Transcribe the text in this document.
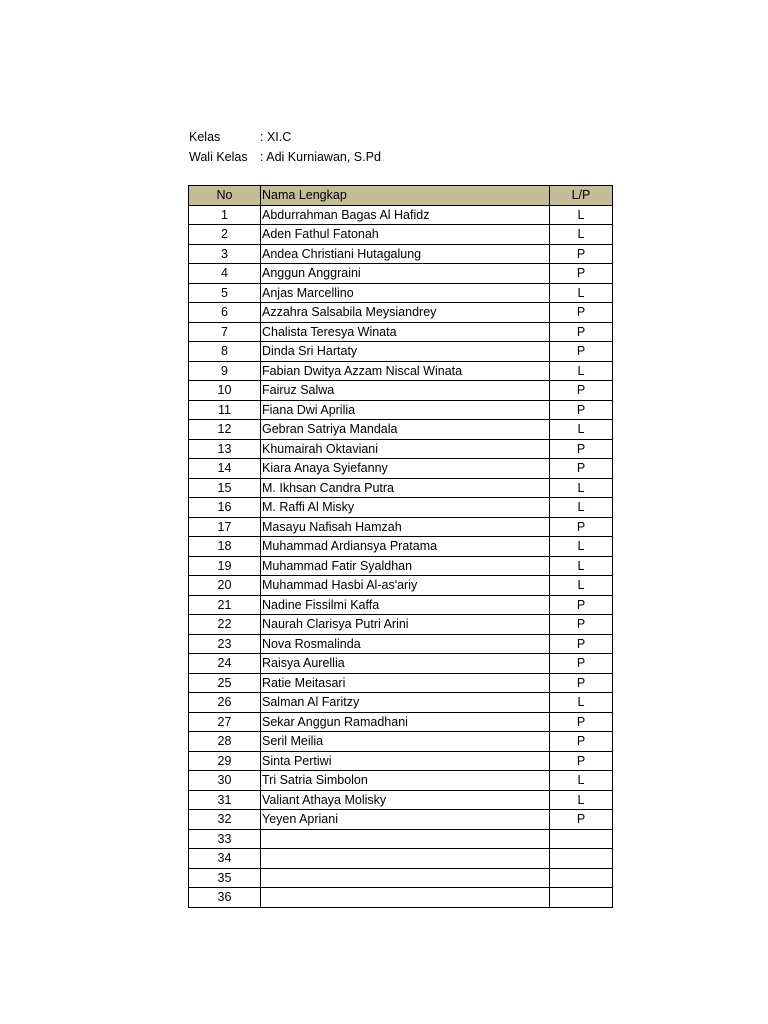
Kelas	: XI.C
Wali Kelas : Adi Kurniawan, S.Pd
No	Nama Lengkap	L/P
1	Abdurrahman Bagas Al Hafidz	L
2	Aden Fathul Fatonah	L
3	Andea Christiani Hutagalung	P
4	Anggun Anggraini	P
5	Anjas Marcellino	L
6	Azzahra Salsabila Meysiandrey	P
7	Chalista Teresya Winata	P
8	Dinda Sri Hartaty	P
9	Fabian Dwitya Azzam Niscal Winata	L
10	Fairuz Salwa	P
11	Fiana Dwi Aprilia	P
12	Gebran Satriya Mandala	L
13	Khumairah Oktaviani	P
14	Kiara Anaya Syiefanny	P
15	M. Ikhsan Candra Putra	L
16	M. Raffi Al Misky	L
17	Masayu Nafisah Hamzah	P
18	Muhammad Ardiansya Pratama	L
19	Muhammad Fatir Syaldhan	L
20	Muhammad Hasbi Al-as'ariy	L
21	Nadine Fissilmi Kaffa	P
22	Naurah Clarisya Putri Arini	P
23	Nova Rosmalinda	P
24	Raisya Aurellia	P
25	Ratie Meitasari	P
26	Salman Al Faritzy	L
27	Sekar Anggun Ramadhani	P
28	Seril Meilia	P
29	Sinta Pertiwi	P
30	Tri Satria Simbolon	L
31	Valiant Athaya Molisky	L
32	Yeyen Apriani	P
33		
34		
35		
36		
